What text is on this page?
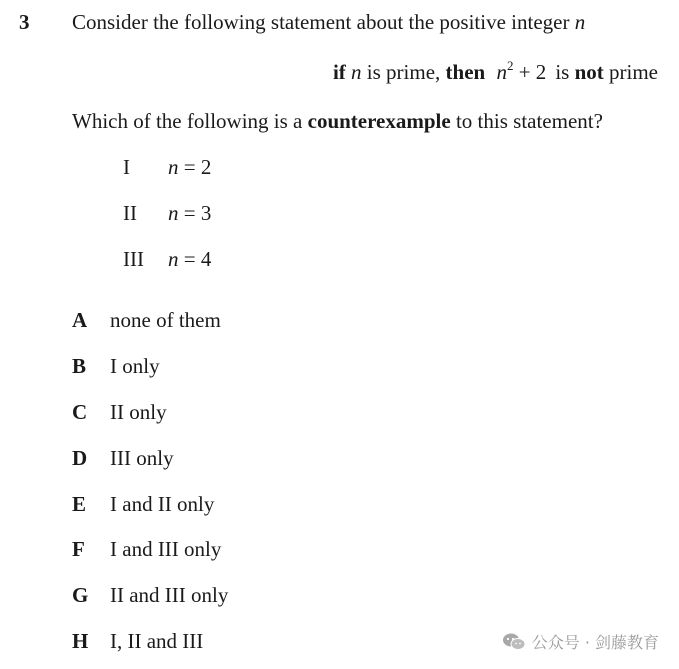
3 Consider the following statement about the positive integer n
if n is prime, then $n^2 + 2$ is not prime
Which of the following is a counterexample to this statement?
I n = 2
II n = 3
III n = 4
A none of them
B I only
C II only
D III only
E I and II only
F I and III only
G II and III only
H I, II and III	公众号 · 剑藤教育
